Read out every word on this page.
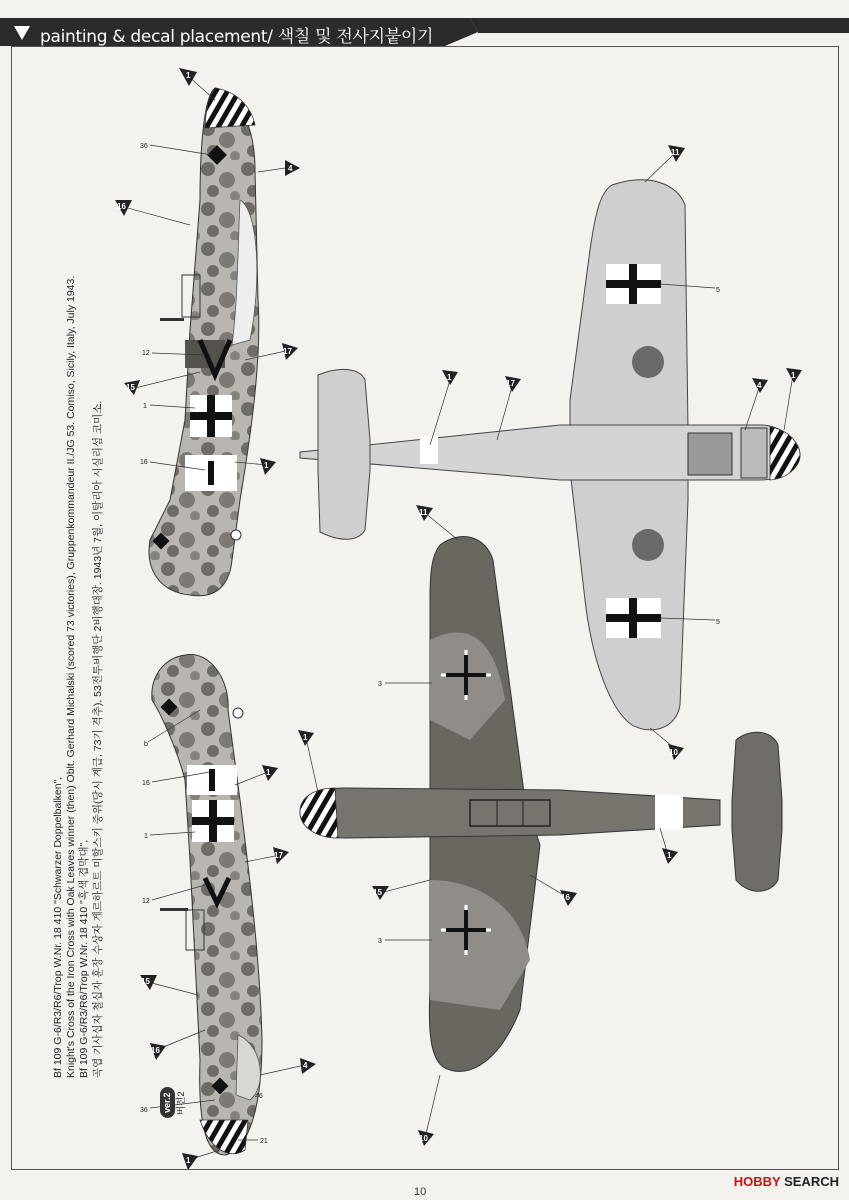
painting & decal placement/ 색칠 및 전사지붙이기
1
4
16
15
17
1
1
17
15
16
4
1
11
1
17	4
1
10
11
1
15
16
1
10
36
12
1
16
b
16
1
12
36
21
46
5
5
3
3
ver.2 버전2
Bf 109 G-6/R3/R6/Trop W.Nr. 18 410 "Schwarzer Doppelbalken", Knight's Cross of the Iron Cross with Oak Leaves winner (then) Oblt. Gerhard Michalski (scored 73 victories), Gruppenkommandeur II./JG 53. Comiso, Sicily, Italy, July 1943. Bf 109 G-6/R3/R6/Trop W.Nr. 18 410 "흑색 겹막대", 곡엽 기사십자 철십자 훈장 수상자 게르하르트 미할스키 중위(당시 계급, 73기 격추), 53전투비행단 2비행대장. 1943년 7월, 이탈리아 시실리섬 코미소.
HOBBY SEARCH
10
